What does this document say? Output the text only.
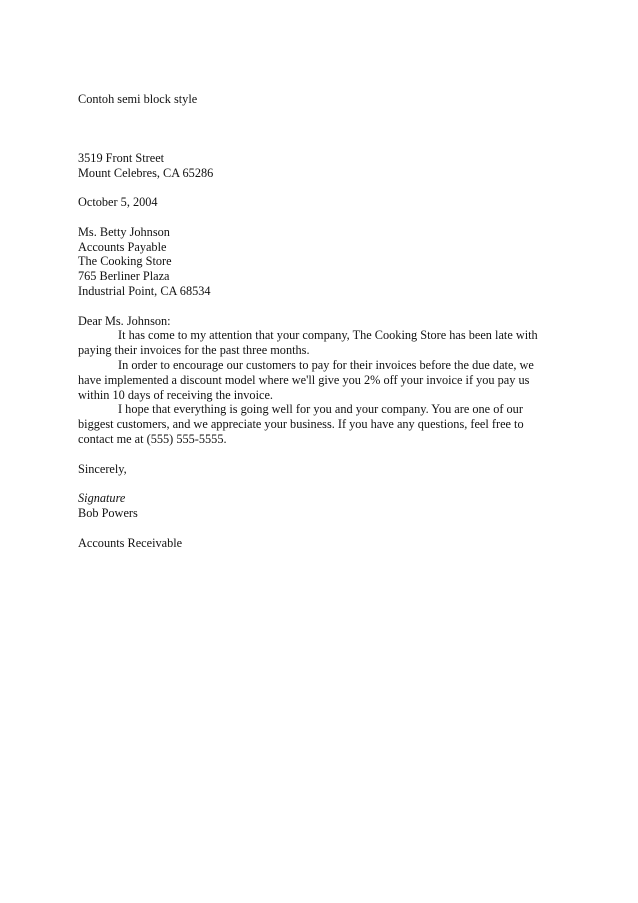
Contoh semi block style
3519 Front Street
Mount Celebres, CA 65286
October 5, 2004
Ms. Betty Johnson
Accounts Payable
The Cooking Store
765 Berliner Plaza
Industrial Point, CA 68534
Dear Ms. Johnson:
It has come to my attention that your company, The Cooking Store has been late with
paying their invoices for the past three months.
In order to encourage our customers to pay for their invoices before the due date, we
have implemented a discount model where we'll give you 2% off your invoice if you pay us
within 10 days of receiving the invoice.
I hope that everything is going well for you and your company. You are one of our
biggest customers, and we appreciate your business. If you have any questions, feel free to
contact me at (555) 555-5555.
Sincerely,
Signature
Bob Powers
Accounts Receivable
